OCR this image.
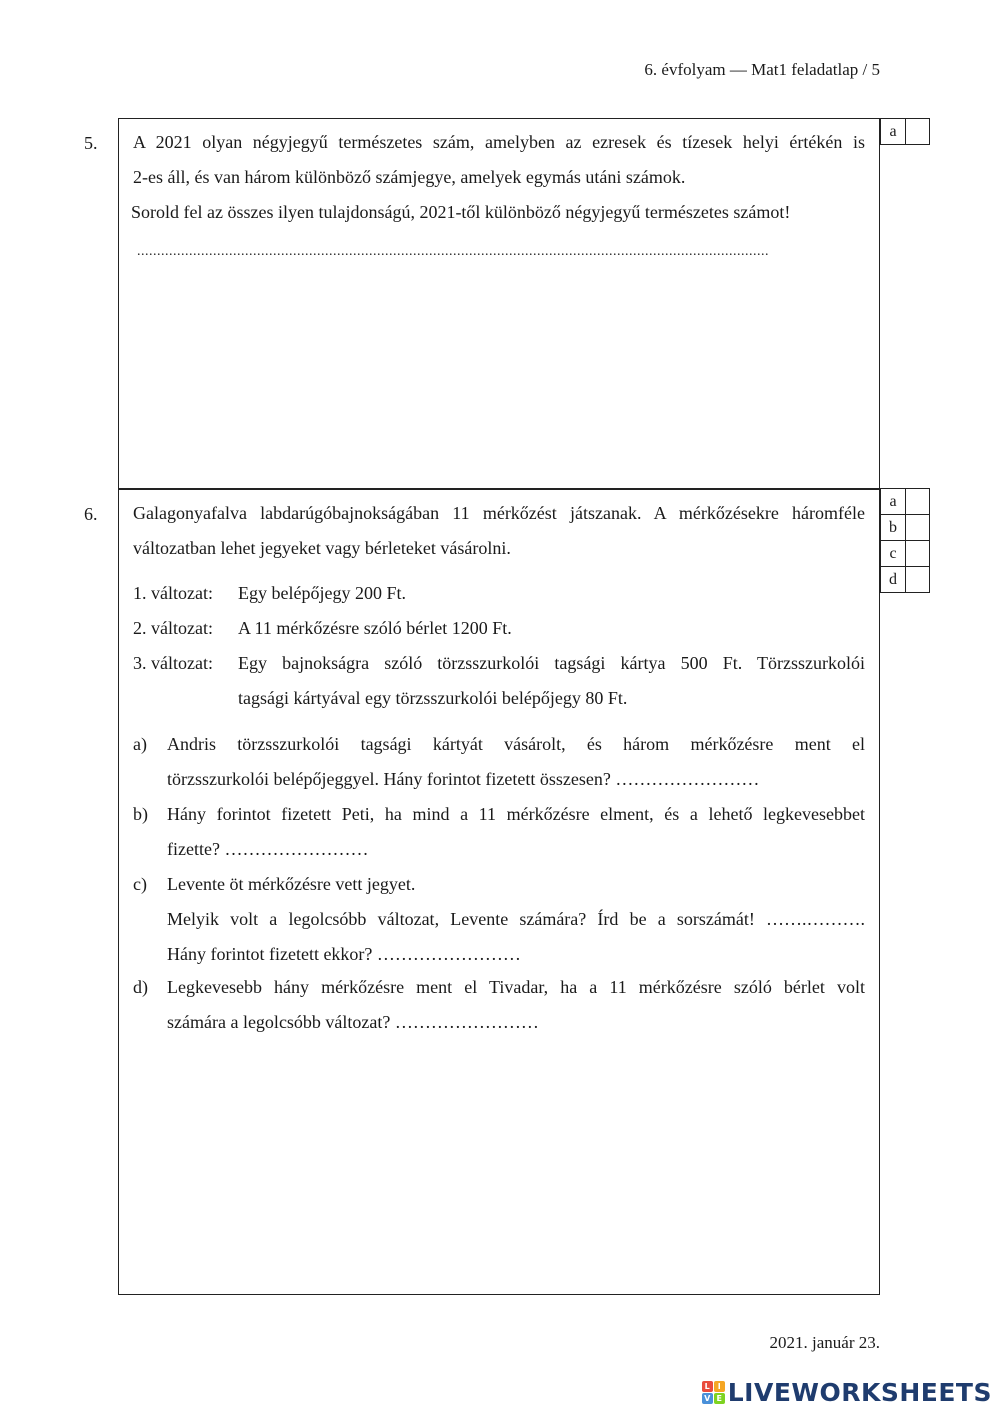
6. évfolyam — Mat1 feladatlap / 5
5.
a	
A 2021 olyan négyjegyű természetes szám, amelyben az ezresek és tízesek helyi értékén is
2-es áll, és van három különböző számjegye, amelyek egymás utáni számok.
Sorold fel az összes ilyen tulajdonságú, 2021-től különböző négyjegyű természetes számot!
..............................................................................................................................................................
6.
a	
b	
c	
d	
Galagonyafalva labdarúgóbajnokságában 11 mérkőzést játszanak. A mérkőzésekre háromféle
változatban lehet jegyeket vagy bérleteket vásárolni.
1. változat:	Egy belépőjegy 200 Ft.
2. változat:	A 11 mérkőzésre szóló bérlet 1200 Ft.
3. változat:	Egy bajnokságra szóló törzsszurkolói tagsági kártya 500 Ft. Törzsszurkolói
tagsági kártyával egy törzsszurkolói belépőjegy 80 Ft.
a)	Andris törzsszurkolói tagsági kártyát vásárolt, és három mérkőzésre ment el
törzsszurkolói belépőjeggyel. Hány forintot fizetett összesen? ……………………
b)	Hány forintot fizetett Peti, ha mind a 11 mérkőzésre elment, és a lehető legkevesebbet
fizette? ……………………
c)	Levente öt mérkőzésre vett jegyet.
Melyik volt a legolcsóbb változat, Levente számára? Írd be a sorszámát! …….……….
Hány forintot fizetett ekkor? ……………………
d)	Legkevesebb hány mérkőzésre ment el Tivadar, ha a 11 mérkőzésre szóló bérlet volt
számára a legolcsóbb változat? ……………………
2021. január 23.
L I
V E LIVEWORKSHEETS
